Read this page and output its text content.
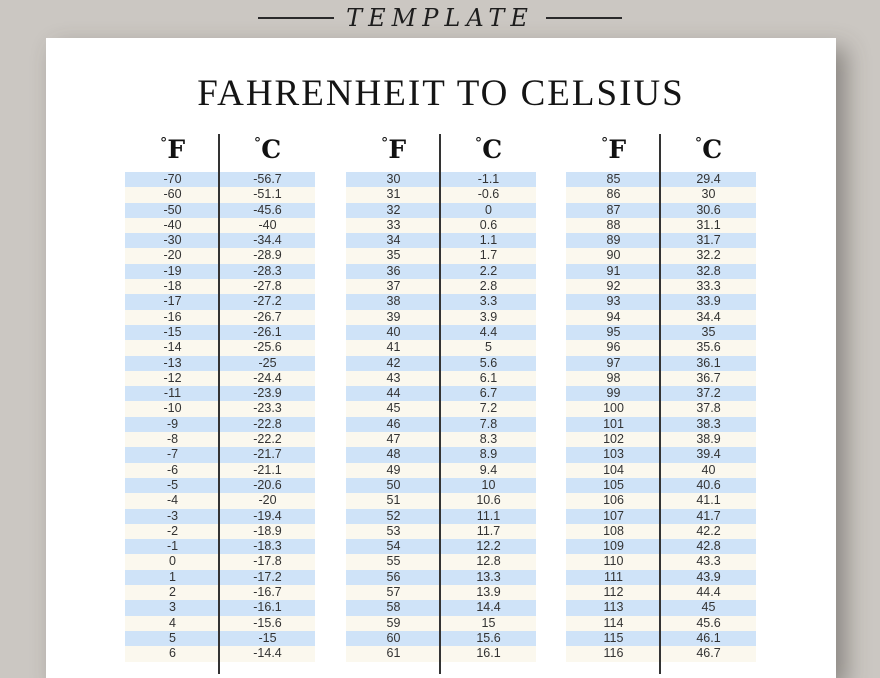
TEMPLATE
FAHRENHEIT TO CELSIUS
°F	°C
-70	-56.7
-60	-51.1
-50	-45.6
-40	-40
-30	-34.4
-20	-28.9
-19	-28.3
-18	-27.8
-17	-27.2
-16	-26.7
-15	-26.1
-14	-25.6
-13	-25
-12	-24.4
-11	-23.9
-10	-23.3
-9	-22.8
-8	-22.2
-7	-21.7
-6	-21.1
-5	-20.6
-4	-20
-3	-19.4
-2	-18.9
-1	-18.3
0	-17.8
1	-17.2
2	-16.7
3	-16.1
4	-15.6
5	-15
6	-14.4
°F	°C
30	-1.1
31	-0.6
32	0
33	0.6
34	1.1
35	1.7
36	2.2
37	2.8
38	3.3
39	3.9
40	4.4
41	5
42	5.6
43	6.1
44	6.7
45	7.2
46	7.8
47	8.3
48	8.9
49	9.4
50	10
51	10.6
52	11.1
53	11.7
54	12.2
55	12.8
56	13.3
57	13.9
58	14.4
59	15
60	15.6
61	16.1
°F	°C
85	29.4
86	30
87	30.6
88	31.1
89	31.7
90	32.2
91	32.8
92	33.3
93	33.9
94	34.4
95	35
96	35.6
97	36.1
98	36.7
99	37.2
100	37.8
101	38.3
102	38.9
103	39.4
104	40
105	40.6
106	41.1
107	41.7
108	42.2
109	42.8
110	43.3
111	43.9
112	44.4
113	45
114	45.6
115	46.1
116	46.7
